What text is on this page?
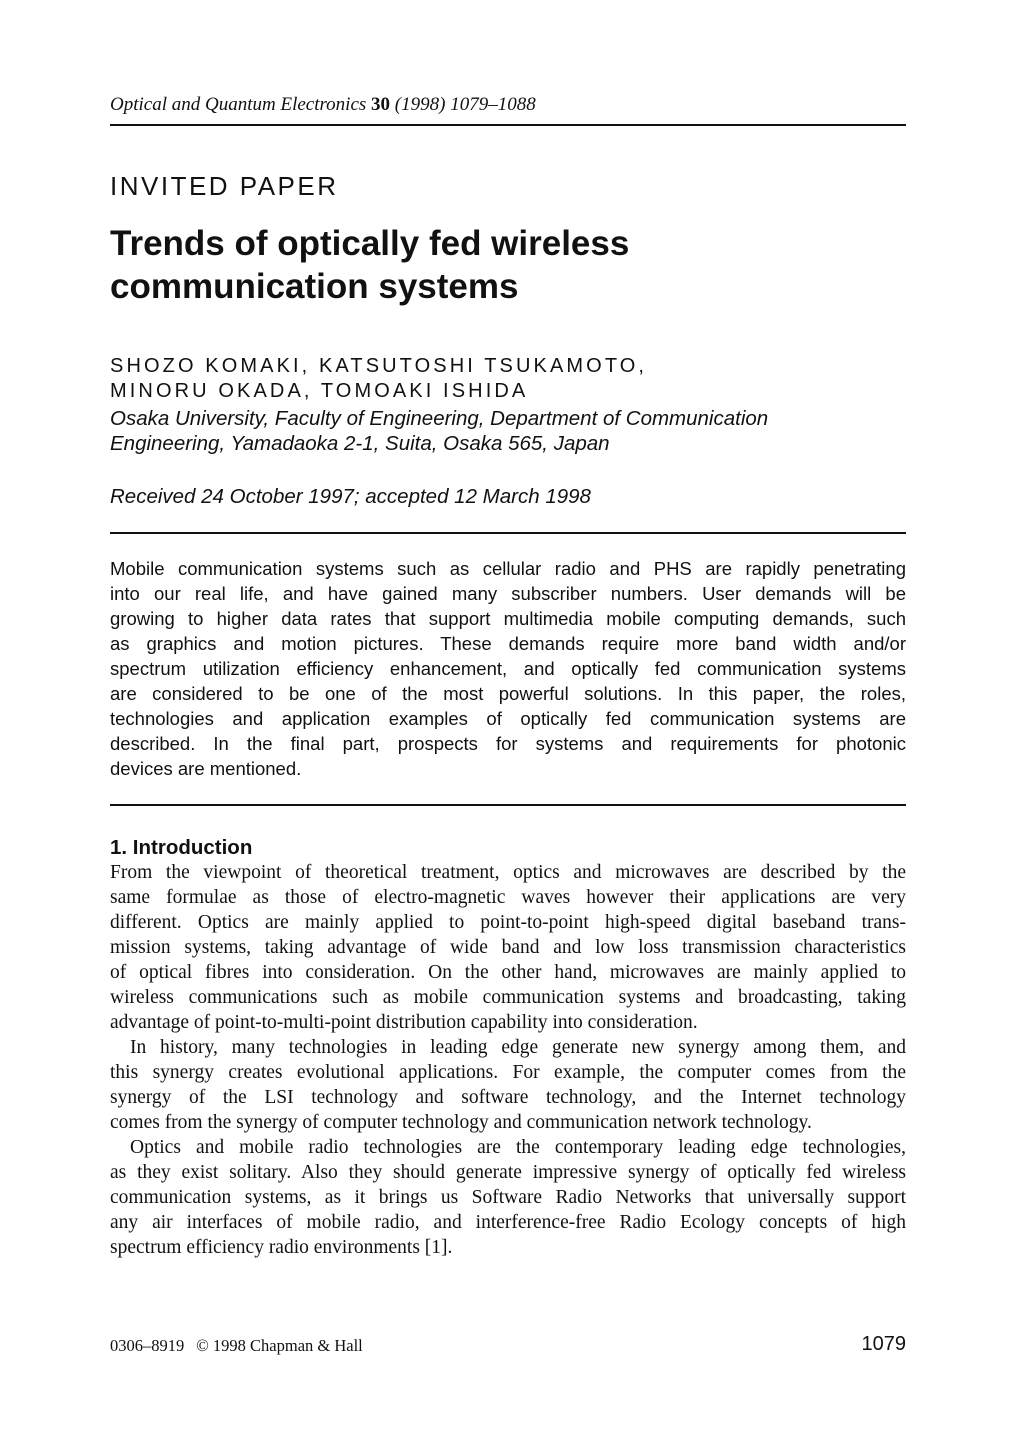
Optical and Quantum Electronics 30 (1998) 1079–1088
INVITED PAPER
Trends of optically fed wireless
communication systems
SHOZO KOMAKI, KATSUTOSHI TSUKAMOTO,
MINORU OKADA, TOMOAKI ISHIDA
Osaka University, Faculty of Engineering, Department of Communication
Engineering, Yamadaoka 2-1, Suita, Osaka 565, Japan
Received 24 October 1997; accepted 12 March 1998
Mobile communication systems such as cellular radio and PHS are rapidly penetrating
into our real life, and have gained many subscriber numbers. User demands will be
growing to higher data rates that support multimedia mobile computing demands, such
as graphics and motion pictures. These demands require more band width and/or
spectrum utilization efficiency enhancement, and optically fed communication systems
are considered to be one of the most powerful solutions. In this paper, the roles,
technologies and application examples of optically fed communication systems are
described. In the final part, prospects for systems and requirements for photonic
devices are mentioned.
1. Introduction
From the viewpoint of theoretical treatment, optics and microwaves are described by the
same formulae as those of electro-magnetic waves however their applications are very
different. Optics are mainly applied to point-to-point high-speed digital baseband trans-
mission systems, taking advantage of wide band and low loss transmission characteristics
of optical fibres into consideration. On the other hand, microwaves are mainly applied to
wireless communications such as mobile communication systems and broadcasting, taking
advantage of point-to-multi-point distribution capability into consideration.
In history, many technologies in leading edge generate new synergy among them, and
this synergy creates evolutional applications. For example, the computer comes from the
synergy of the LSI technology and software technology, and the Internet technology
comes from the synergy of computer technology and communication network technology.
Optics and mobile radio technologies are the contemporary leading edge technologies,
as they exist solitary. Also they should generate impressive synergy of optically fed wireless
communication systems, as it brings us Software Radio Networks that universally support
any air interfaces of mobile radio, and interference-free Radio Ecology concepts of high
spectrum efficiency radio environments [1].
0306–8919 © 1998 Chapman & Hall	1079
